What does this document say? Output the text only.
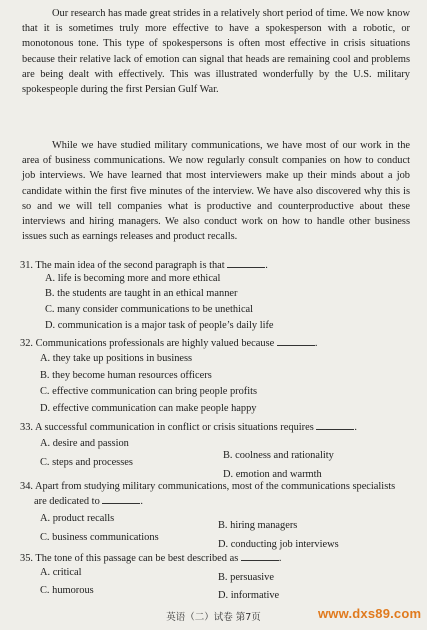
Our research has made great strides in a relatively short period of time. We now know that it is sometimes truly more effective to have a spokesperson with a robotic, or monotonous tone. This type of spokespersons is often most effective in crisis situations because their relative lack of emotion can signal that heads are remaining cool and problems are being dealt with effectively. This was illustrated wonderfully by the U.S. military spokespeople during the first Persian Gulf War.

While we have studied military communications, we have most of our work in the area of business communications. We now regularly consult companies on how to conduct job interviews. We have learned that most interviewers make up their minds about a job candidate within the first five minutes of the interview. We have also discovered why this is so and we will tell companies what is productive and counterproductive about these interviews and hiring managers. We also conduct work on how to handle other business issues such as earnings releases and product recalls.

31. The main idea of the second paragraph is that	.

A. life is becoming more and more ethical

B. the students are taught in an ethical manner

C. many consider communications to be unethical

D. communication is a major task of people’s daily life

32. Communications professionals are highly valued because	.

A. they take up positions in business

B. they become human resources officers

C. effective communication can bring people profits

D. effective communication can make people happy

33. A successful communication in conflict or crisis situations requires	.

A. desire and passion

B. coolness and rationality

C. steps and processes

D. emotion and warmth

34. Apart from studying military communications, most of the communications specialists are dedicated to	.

A. product recalls

B. hiring managers

C. business communications

D. conducting job interviews

35. The tone of this passage can be best described as	.

A. critical	B. persuasive

C. humorous	D. informative

英语（二）试卷 第7页	www.dxs89.com
